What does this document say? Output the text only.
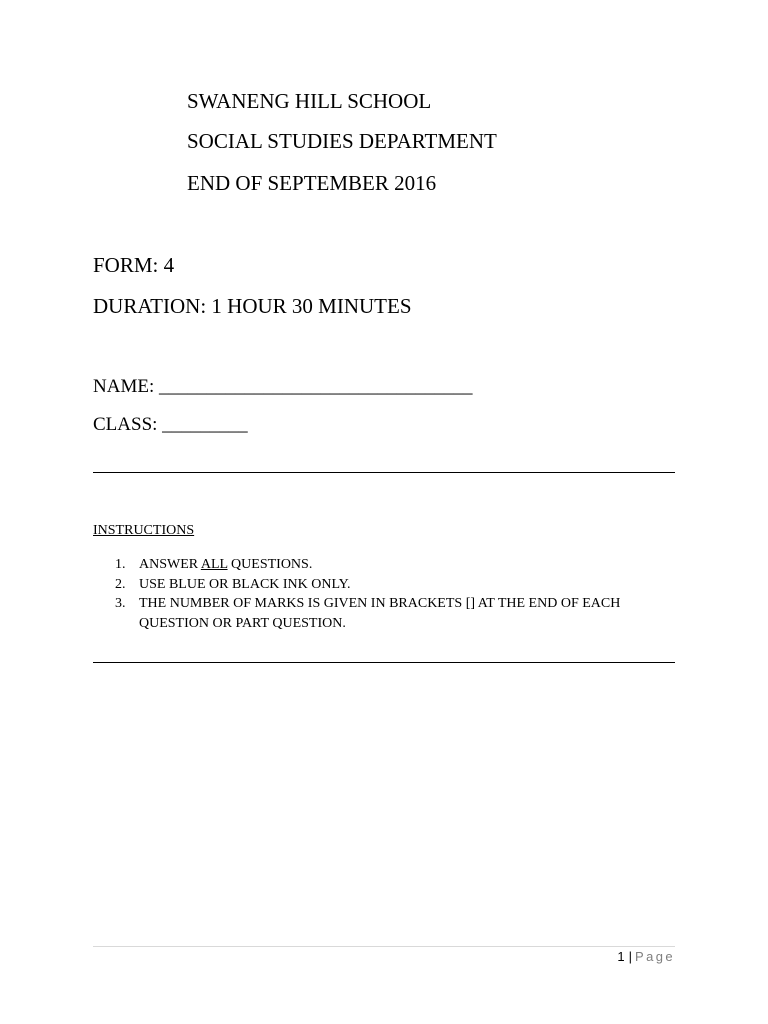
SWANENG HILL SCHOOL
SOCIAL STUDIES DEPARTMENT
END OF SEPTEMBER 2016
FORM: 4
DURATION: 1 HOUR 30 MINUTES
NAME: _________________________________
CLASS: _________
INSTRUCTIONS
1. ANSWER ALL QUESTIONS.
2. USE BLUE OR BLACK INK ONLY.
3. THE NUMBER OF MARKS IS GIVEN IN BRACKETS [] AT THE END OF EACH QUESTION OR PART QUESTION.
1 | Page
